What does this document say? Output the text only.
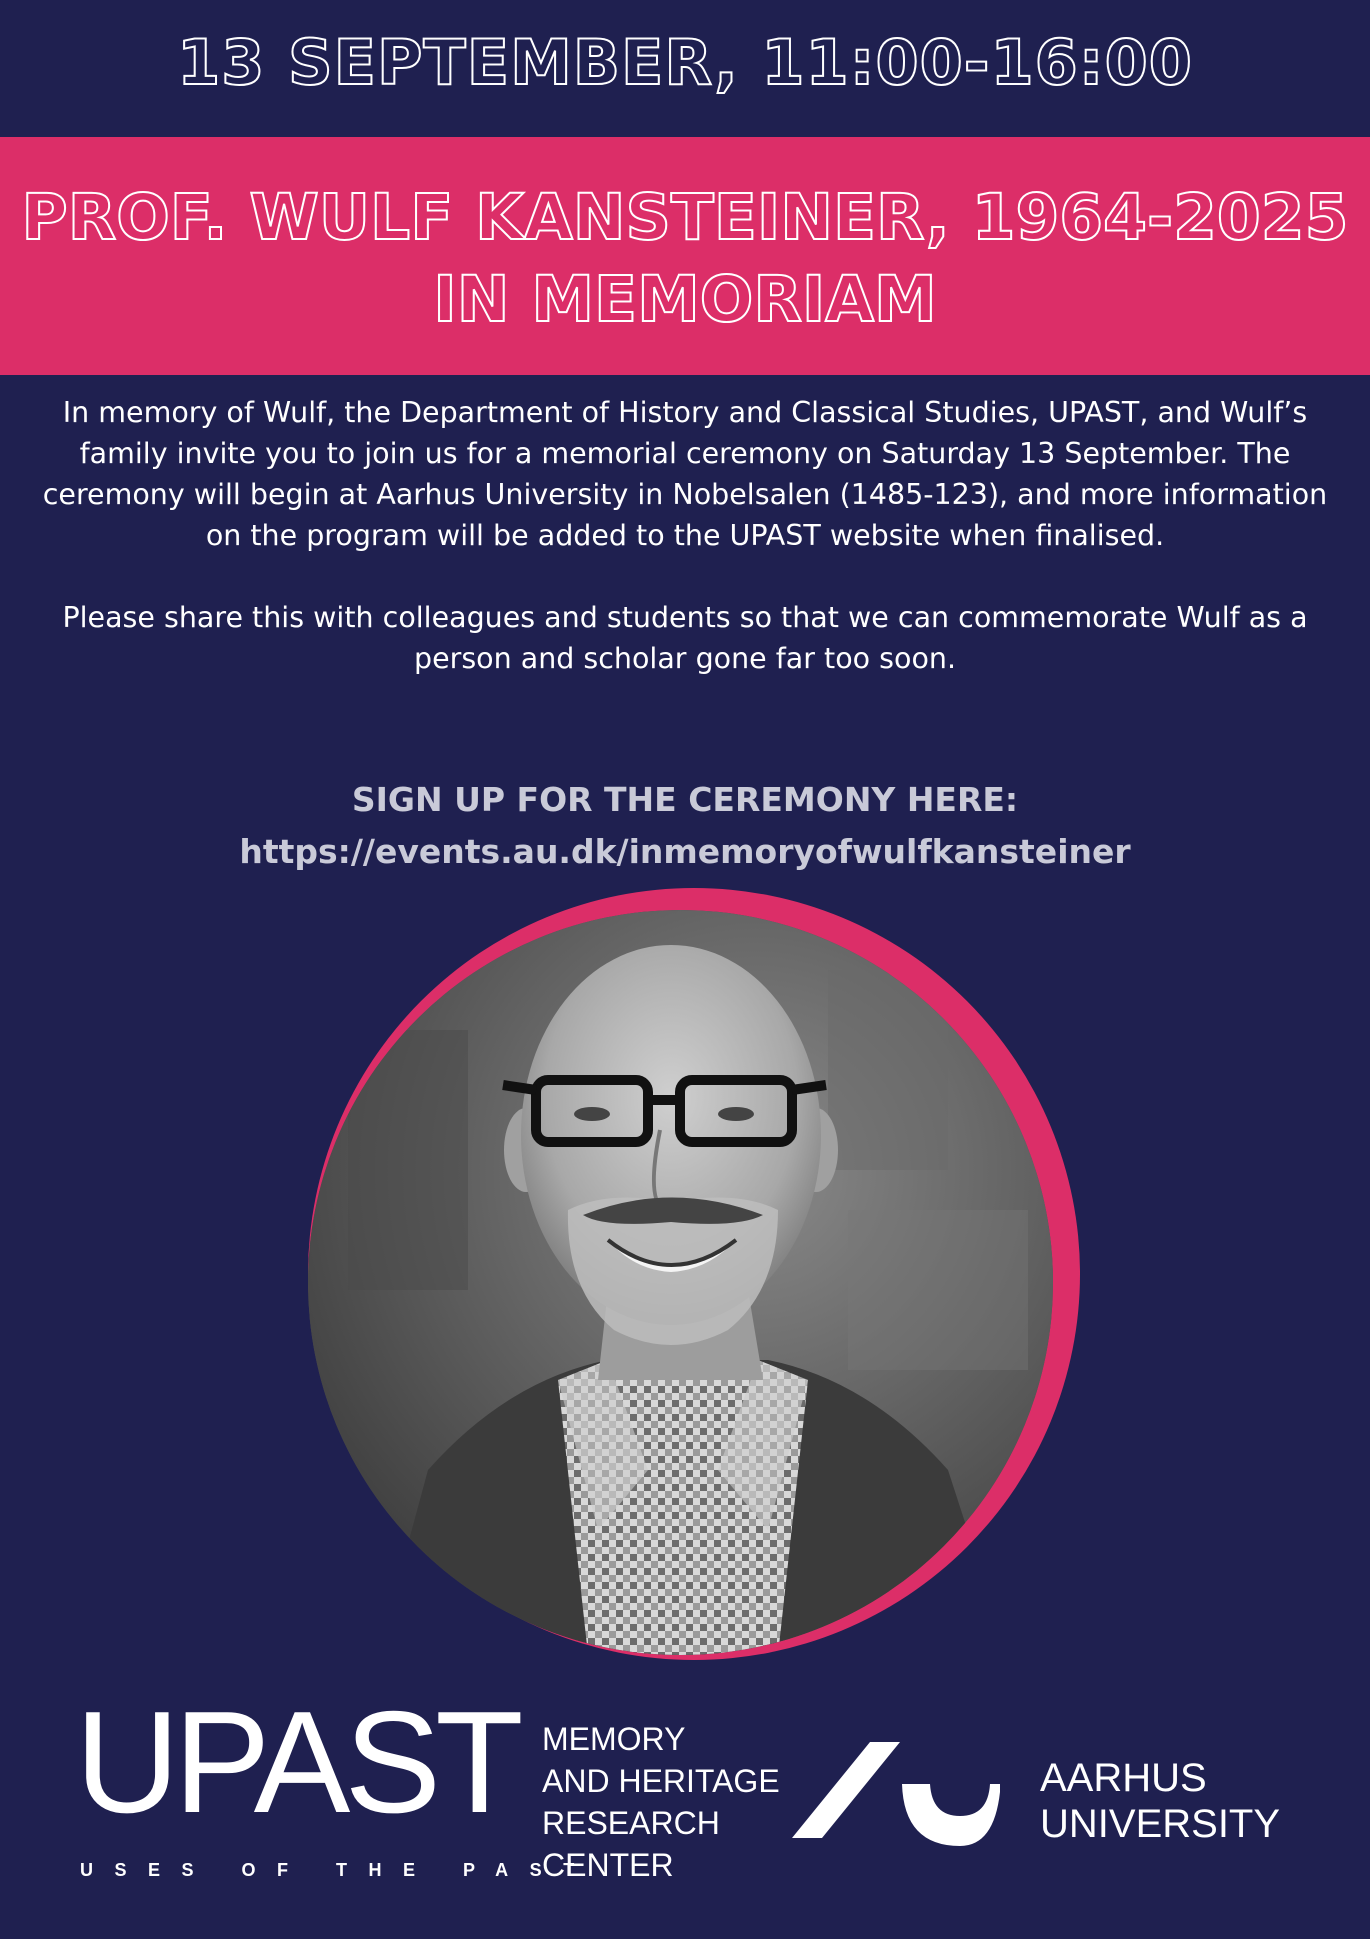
13 SEPTEMBER, 11:00-16:00
PROF. WULF KANSTEINER, 1964-2025
IN MEMORIAM

In memory of Wulf, the Department of History and Classical Studies, UPAST, and Wulf’s family invite you to join us for a memorial ceremony on Saturday 13 September. The ceremony will begin at Aarhus University in Nobelsalen (1485-123), and more information on the program will be added to the UPAST website when finalised.

Please share this with colleagues and students so that we can commemorate Wulf as a person and scholar gone far too soon.

SIGN UP FOR THE CEREMONY HERE:
https://events.au.dk/inmemoryofwulfkansteiner
UPAST
USES OF THE PAST
MEMORY
AND HERITAGE
RESEARCH
CENTER
AARHUS
UNIVERSITY
